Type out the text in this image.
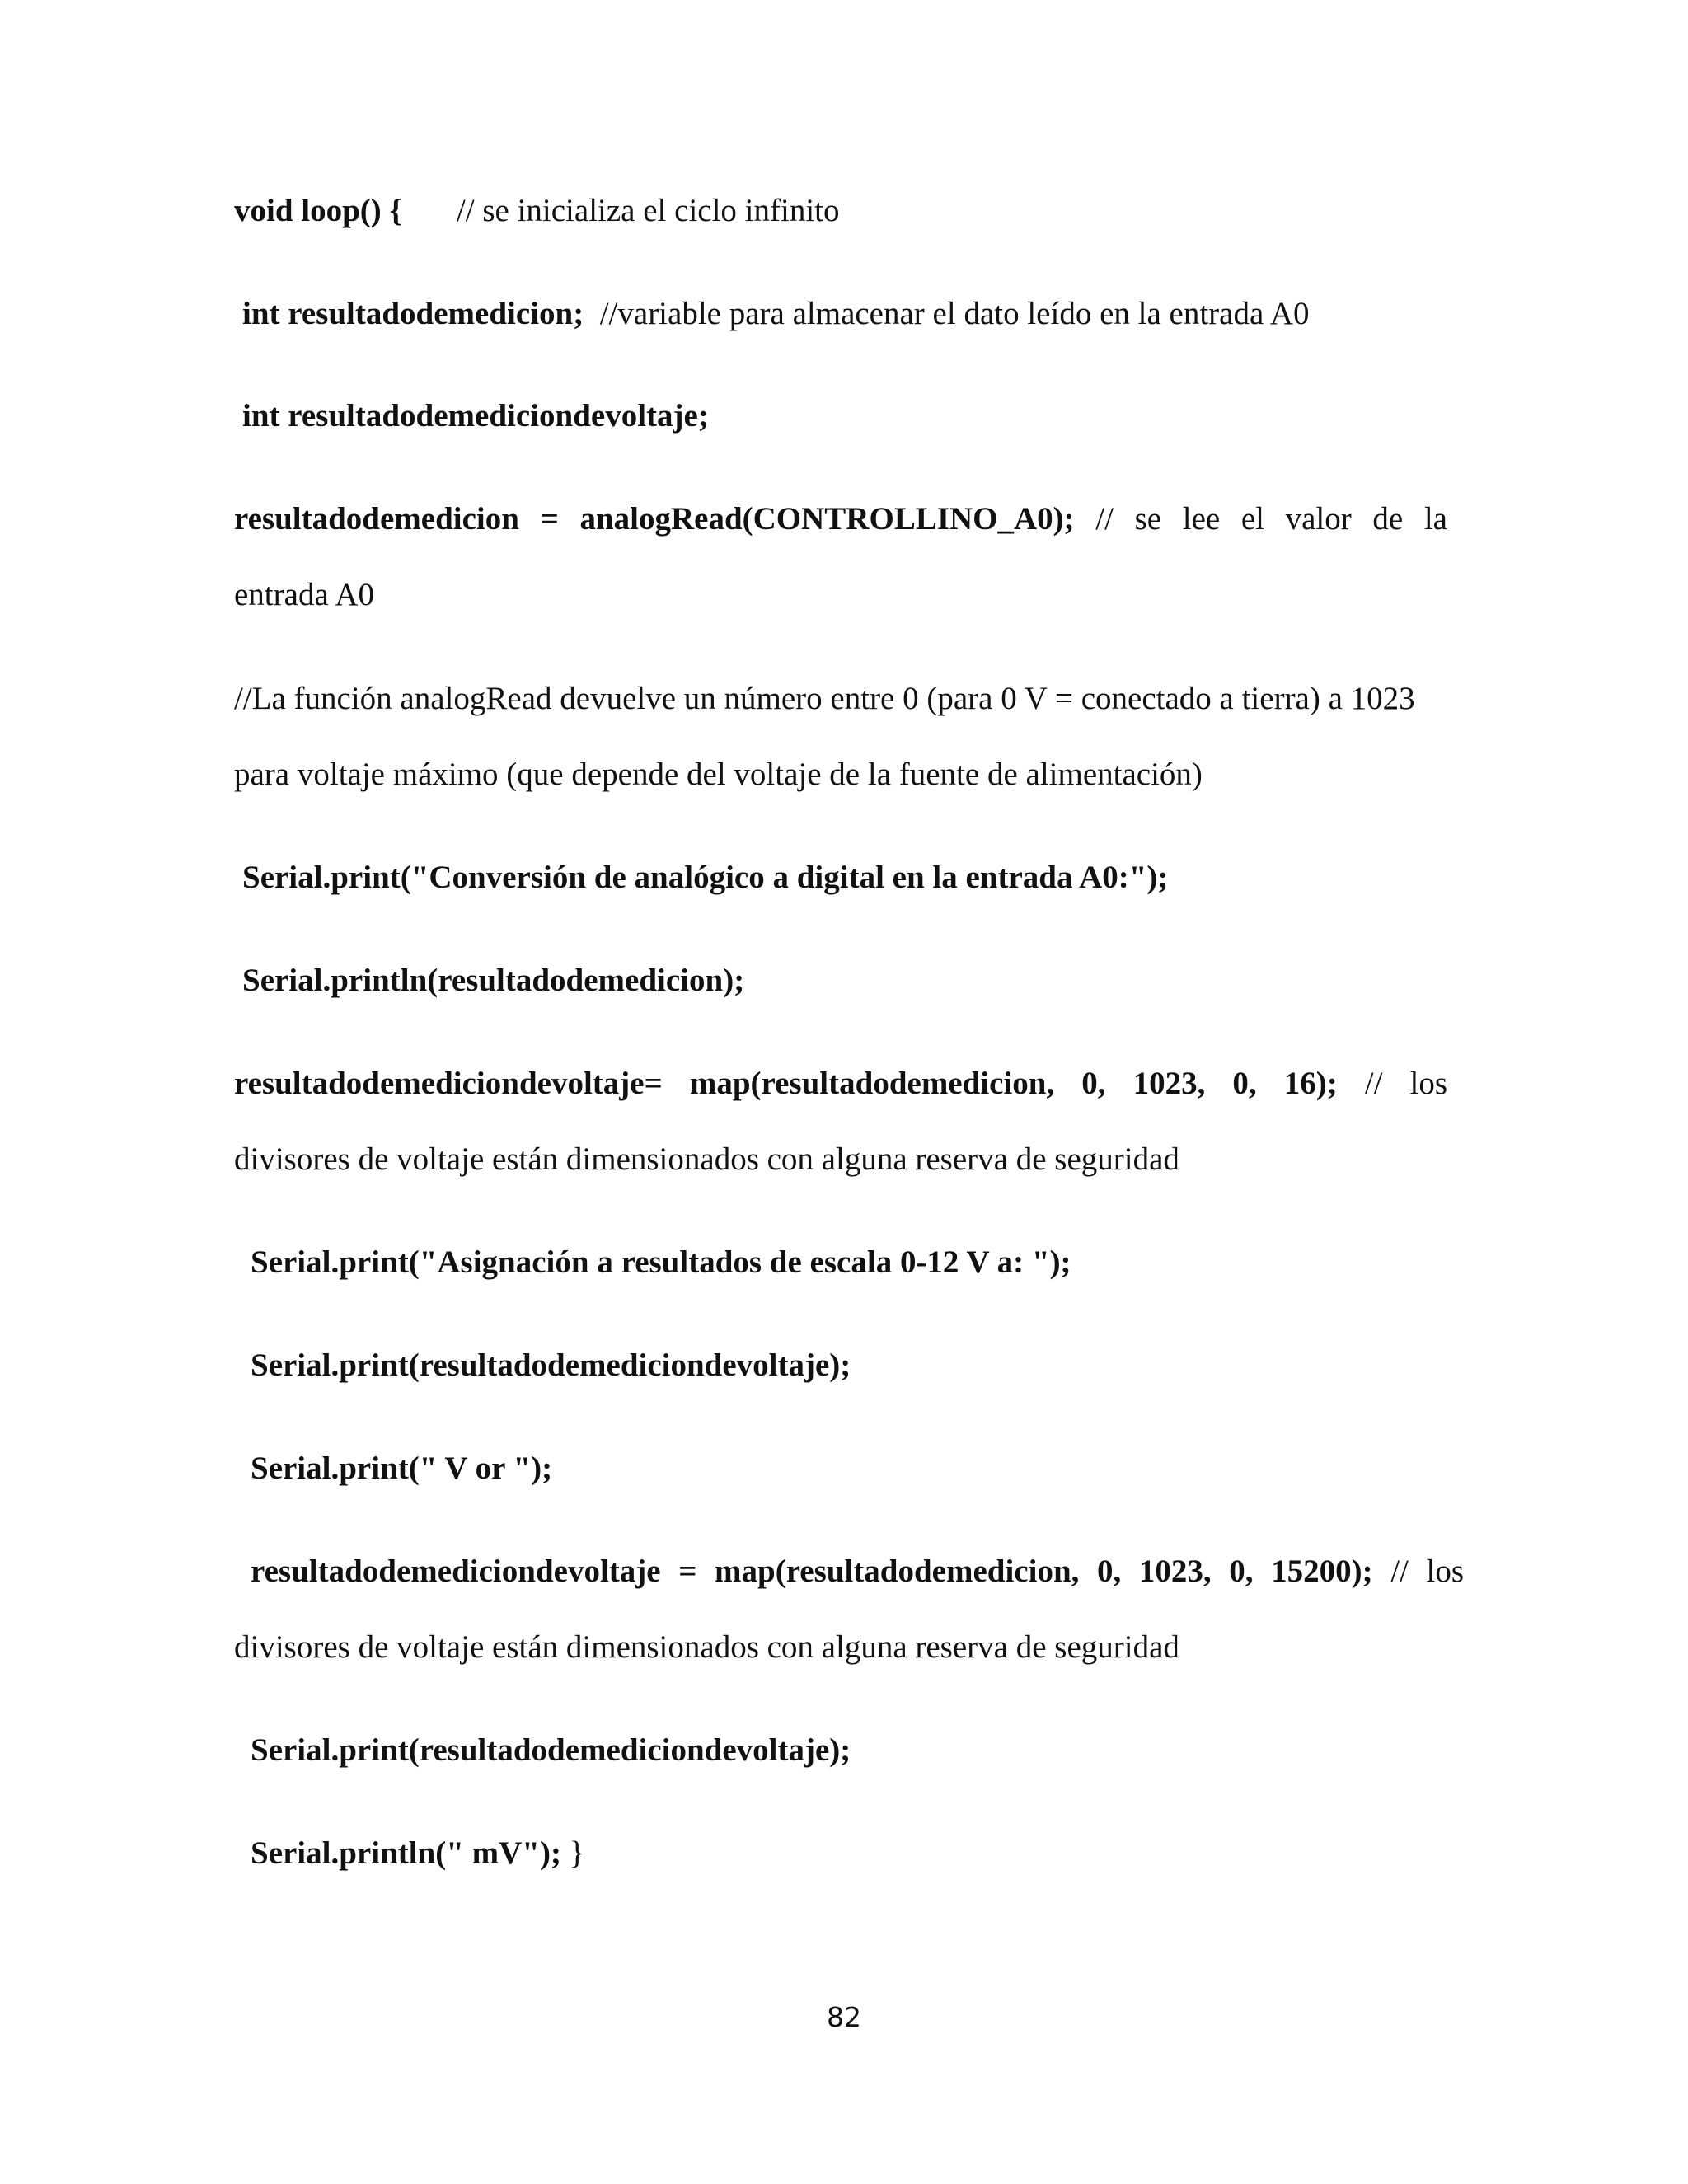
void loop() { // se inicializa el ciclo infinito
int resultadodemedicion; //variable para almacenar el dato leído en la entrada A0
int resultadodemediciondevoltaje;
resultadodemedicion = analogRead(CONTROLLINO_A0); // se lee el valor de la
entrada A0
//La función analogRead devuelve un número entre 0 (para 0 V = conectado a tierra) a 1023
para voltaje máximo (que depende del voltaje de la fuente de alimentación)
Serial.print("Conversión de analógico a digital en la entrada A0:");
Serial.println(resultadodemedicion);
resultadodemediciondevoltaje= map(resultadodemedicion, 0, 1023, 0, 16); // los
divisores de voltaje están dimensionados con alguna reserva de seguridad
Serial.print("Asignación a resultados de escala 0-12 V a: ");
Serial.print(resultadodemediciondevoltaje);
Serial.print(" V or ");
resultadodemediciondevoltaje = map(resultadodemedicion, 0, 1023, 0, 15200); // los
divisores de voltaje están dimensionados con alguna reserva de seguridad
Serial.print(resultadodemediciondevoltaje);
Serial.println(" mV"); }
82
